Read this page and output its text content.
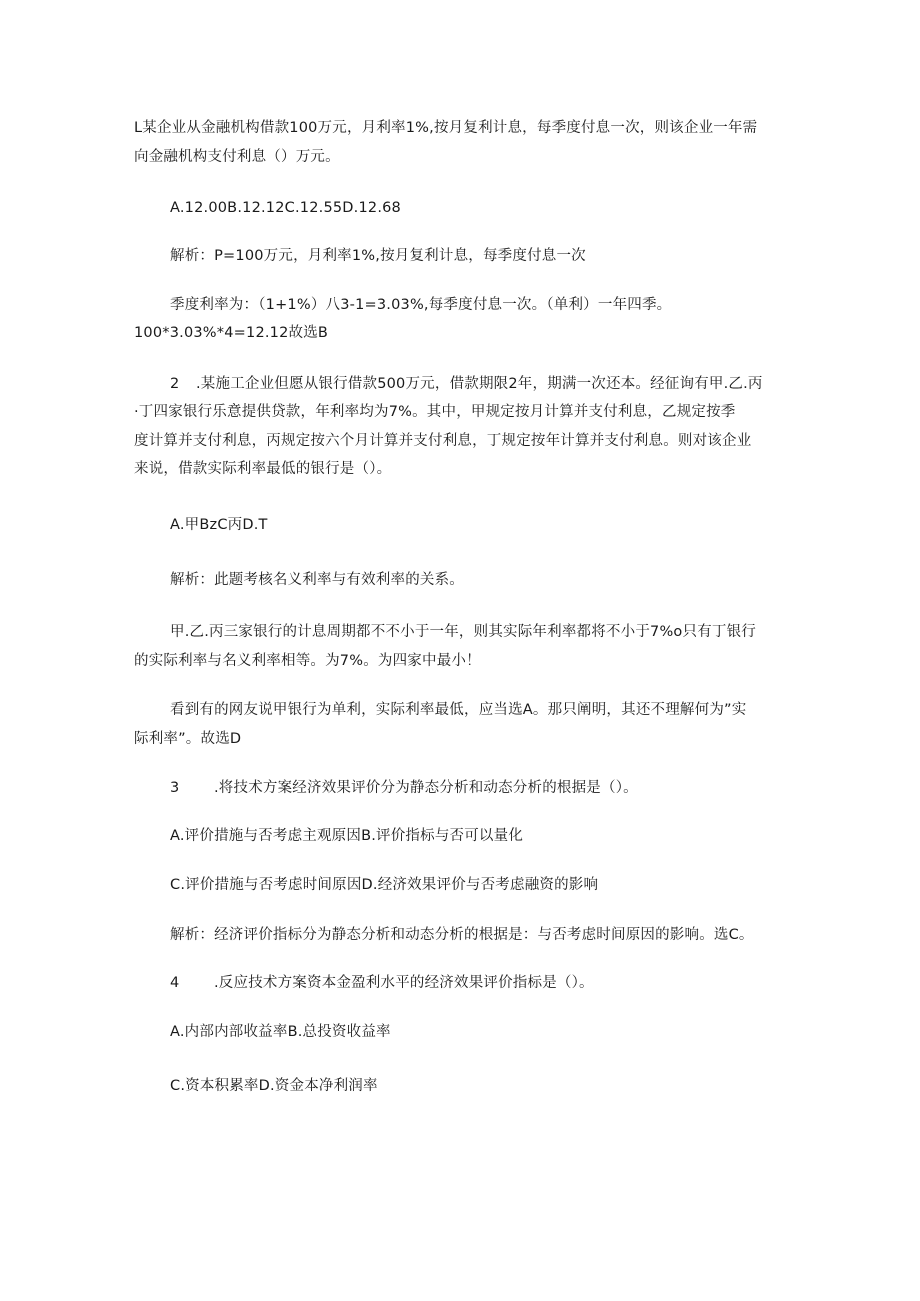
L某企业从金融机构借款100万元，月利率1%,按月复利计息，每季度付息一次，则该企业一年需
向金融机构支付利息（）万元。
A.12.00B.12.12C.12.55D.12.68
解析：P=100万元，月利率1%,按月复利计息，每季度付息一次
季度利率为：（1+1%）八3-1=3.03%,每季度付息一次。（单利）一年四季。
100*3.03%*4=12.12故选B
2 .某施工企业但愿从银行借款500万元，借款期限2年，期满一次还本。经征询有甲.乙.丙
·丁四家银行乐意提供贷款，年利率均为7%。其中，甲规定按月计算并支付利息，乙规定按季
度计算并支付利息，丙规定按六个月计算并支付利息，丁规定按年计算并支付利息。则对该企业
来说，借款实际利率最低的银行是（）。
A.甲BzC丙D.T
解析：此题考核名义利率与有效利率的关系。
甲.乙.丙三家银行的计息周期都不不小于一年，则其实际年利率都将不小于7%o只有丁银行
的实际利率与名义利率相等。为7%。为四家中最小！
看到有的网友说甲银行为单利，实际利率最低，应当选A。那只阐明，其还不理解何为”实
际利率”。故选D
3 .将技术方案经济效果评价分为静态分析和动态分析的根据是（）。
A.评价措施与否考虑主观原因B.评价指标与否可以量化
C.评价措施与否考虑时间原因D.经济效果评价与否考虑融资的影响
解析：经济评价指标分为静态分析和动态分析的根据是：与否考虑时间原因的影响。选C。
4 .反应技术方案资本金盈利水平的经济效果评价指标是（）。
A.内部内部收益率B.总投资收益率
C.资本积累率D.资金本净利润率
